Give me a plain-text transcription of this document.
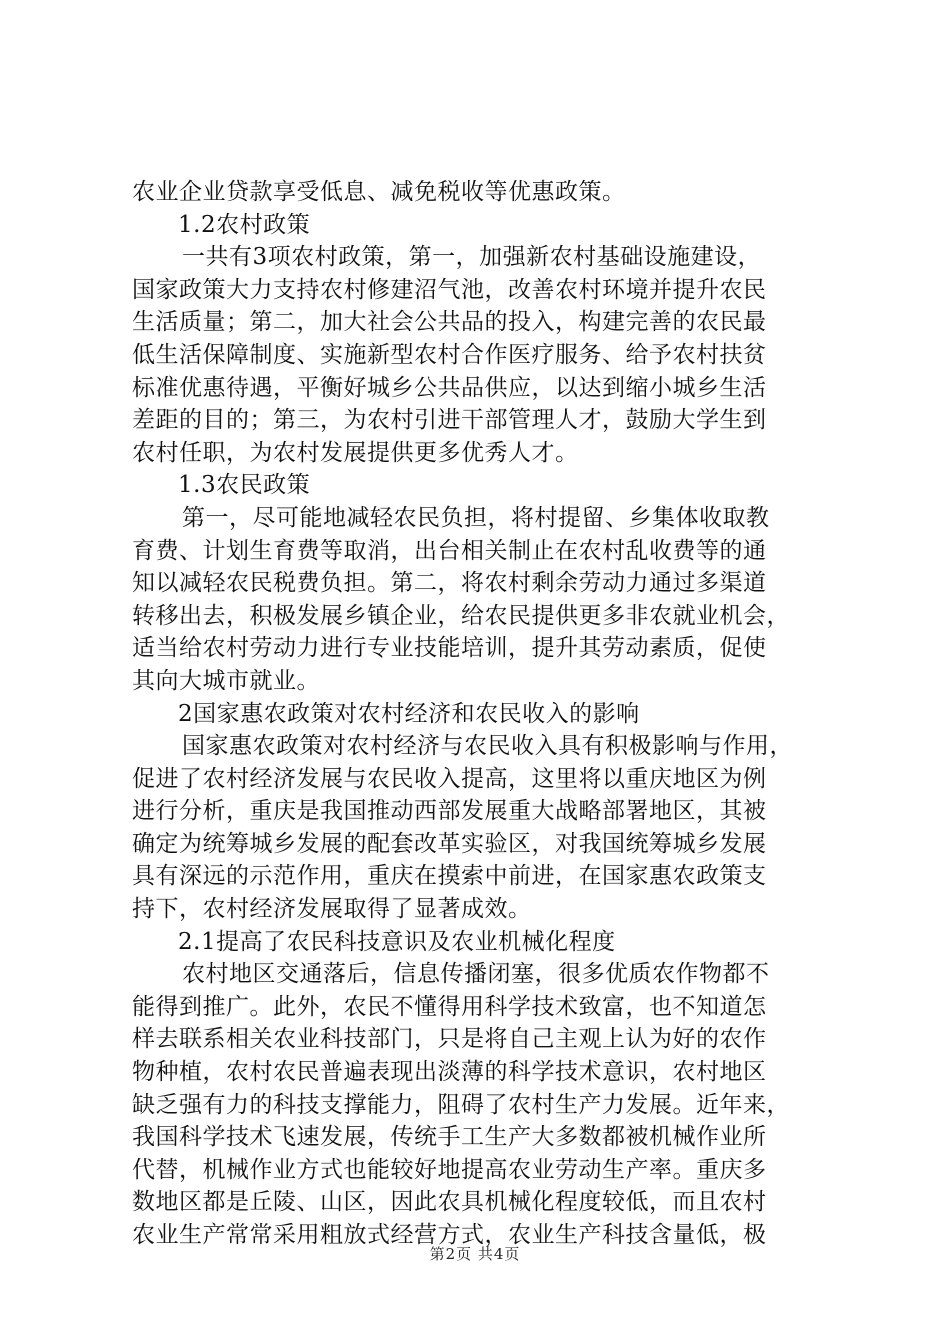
农业企业贷款享受低息、减免税收等优惠政策。
1.2农村政策
一共有3项农村政策，第一，加强新农村基础设施建设，
国家政策大力支持农村修建沼气池，改善农村环境并提升农民
生活质量；第二，加大社会公共品的投入，构建完善的农民最
低生活保障制度、实施新型农村合作医疗服务、给予农村扶贫
标准优惠待遇，平衡好城乡公共品供应，以达到缩小城乡生活
差距的目的；第三，为农村引进干部管理人才，鼓励大学生到
农村任职，为农村发展提供更多优秀人才。
1.3农民政策
第一，尽可能地减轻农民负担，将村提留、乡集体收取教
育费、计划生育费等取消，出台相关制止在农村乱收费等的通
知以减轻农民税费负担。第二，将农村剩余劳动力通过多渠道
转移出去，积极发展乡镇企业，给农民提供更多非农就业机会，
适当给农村劳动力进行专业技能培训，提升其劳动素质，促使
其向大城市就业。
2国家惠农政策对农村经济和农民收入的影响
国家惠农政策对农村经济与农民收入具有积极影响与作用，
促进了农村经济发展与农民收入提高，这里将以重庆地区为例
进行分析，重庆是我国推动西部发展重大战略部署地区，其被
确定为统筹城乡发展的配套改革实验区，对我国统筹城乡发展
具有深远的示范作用，重庆在摸索中前进，在国家惠农政策支
持下，农村经济发展取得了显著成效。
2.1提高了农民科技意识及农业机械化程度
农村地区交通落后，信息传播闭塞，很多优质农作物都不
能得到推广。此外，农民不懂得用科学技术致富，也不知道怎
样去联系相关农业科技部门，只是将自己主观上认为好的农作
物种植，农村农民普遍表现出淡薄的科学技术意识，农村地区
缺乏强有力的科技支撑能力，阻碍了农村生产力发展。近年来，
我国科学技术飞速发展，传统手工生产大多数都被机械作业所
代替，机械作业方式也能较好地提高农业劳动生产率。重庆多
数地区都是丘陵、山区，因此农具机械化程度较低，而且农村
农业生产常常采用粗放式经营方式，农业生产科技含量低，极
第2页 共4页
